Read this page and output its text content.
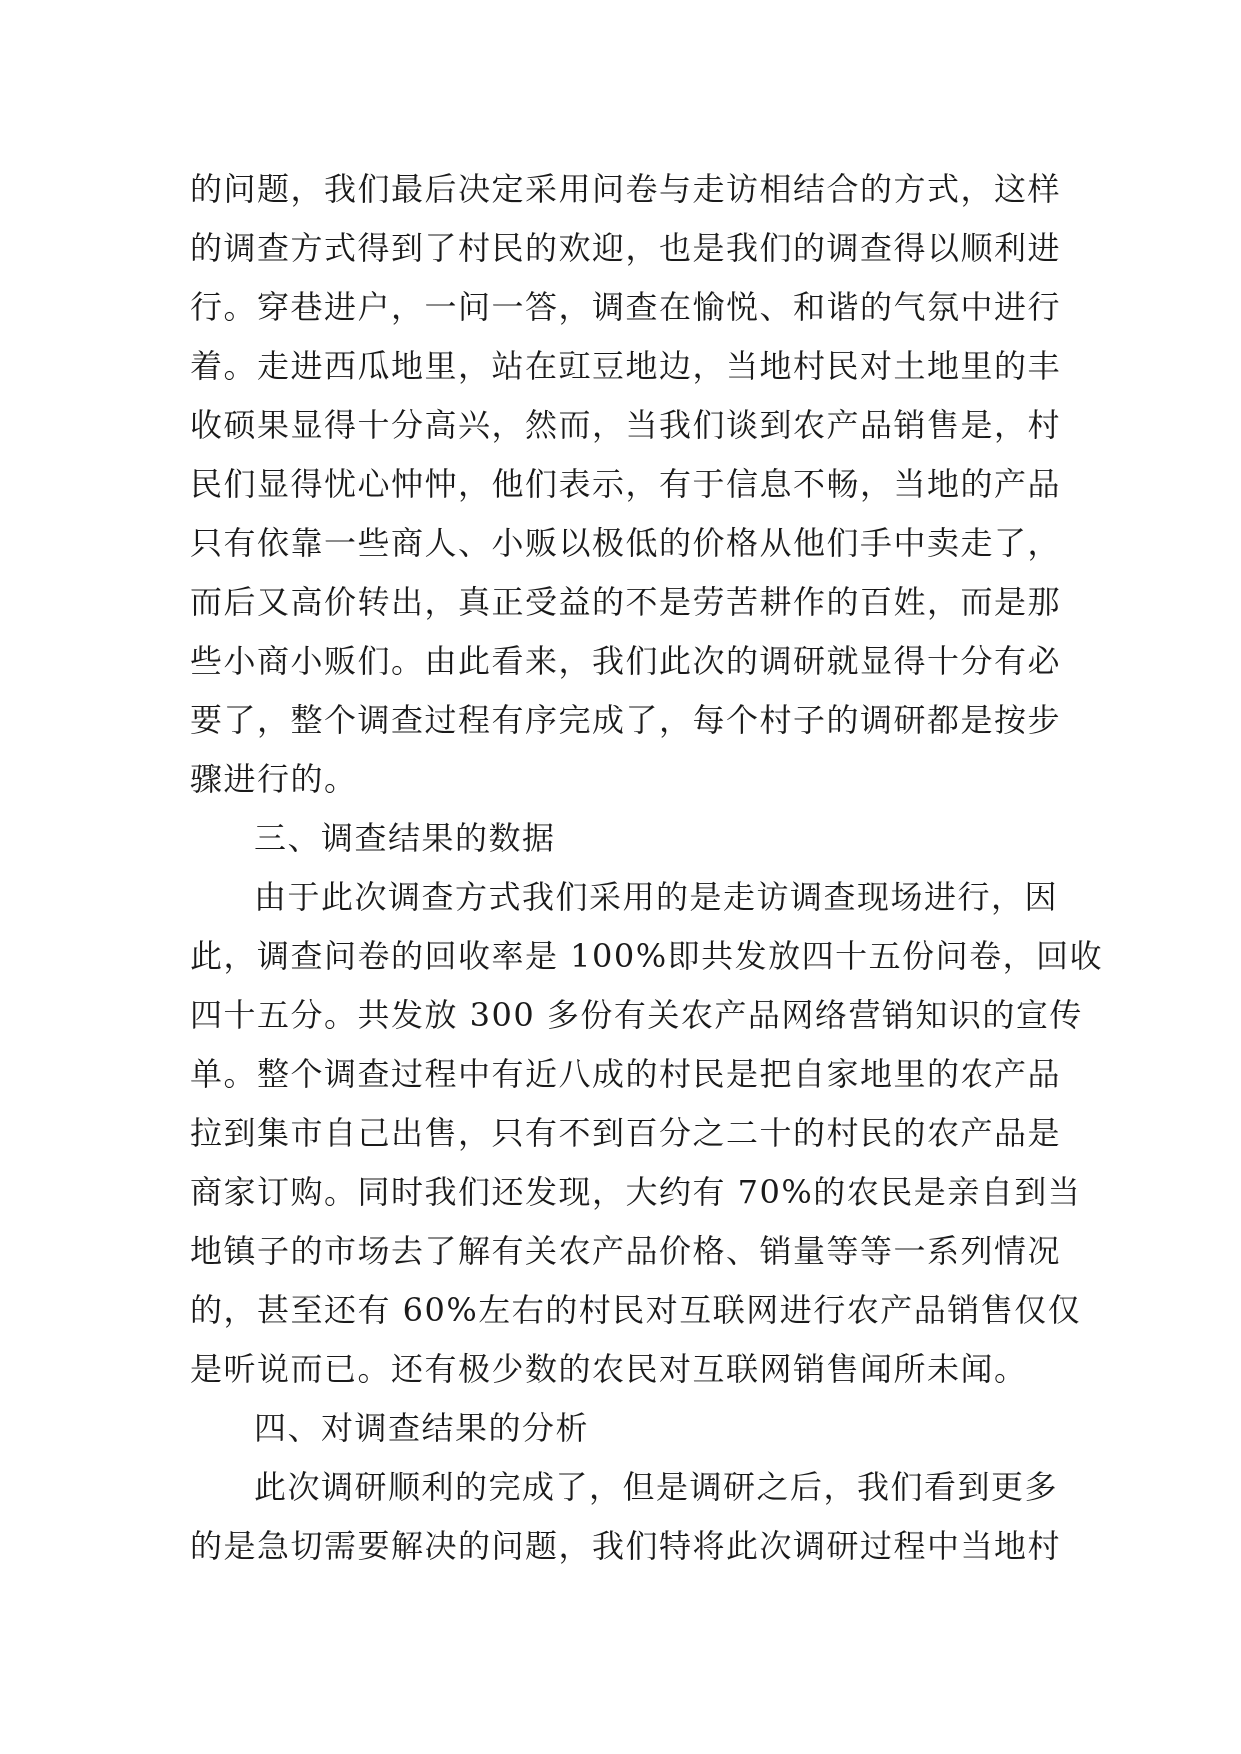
的问题，我们最后决定采用问卷与走访相结合的方式，这样
的调查方式得到了村民的欢迎，也是我们的调查得以顺利进
行。穿巷进户，一问一答，调查在愉悦、和谐的气氛中进行
着。走进西瓜地里，站在豇豆地边，当地村民对土地里的丰
收硕果显得十分高兴，然而，当我们谈到农产品销售是，村
民们显得忧心忡忡，他们表示，有于信息不畅，当地的产品
只有依靠一些商人、小贩以极低的价格从他们手中卖走了，
而后又高价转出，真正受益的不是劳苦耕作的百姓，而是那
些小商小贩们。由此看来，我们此次的调研就显得十分有必
要了，整个调查过程有序完成了，每个村子的调研都是按步
骤进行的。
三、调查结果的数据
由于此次调查方式我们采用的是走访调查现场进行，因
此，调查问卷的回收率是 100%即共发放四十五份问卷，回收
四十五分。共发放 300 多份有关农产品网络营销知识的宣传
单。整个调查过程中有近八成的村民是把自家地里的农产品
拉到集市自己出售，只有不到百分之二十的村民的农产品是
商家订购。同时我们还发现，大约有 70%的农民是亲自到当
地镇子的市场去了解有关农产品价格、销量等等一系列情况
的，甚至还有 60%左右的村民对互联网进行农产品销售仅仅
是听说而已。还有极少数的农民对互联网销售闻所未闻。
四、对调查结果的分析
此次调研顺利的完成了，但是调研之后，我们看到更多
的是急切需要解决的问题，我们特将此次调研过程中当地村
